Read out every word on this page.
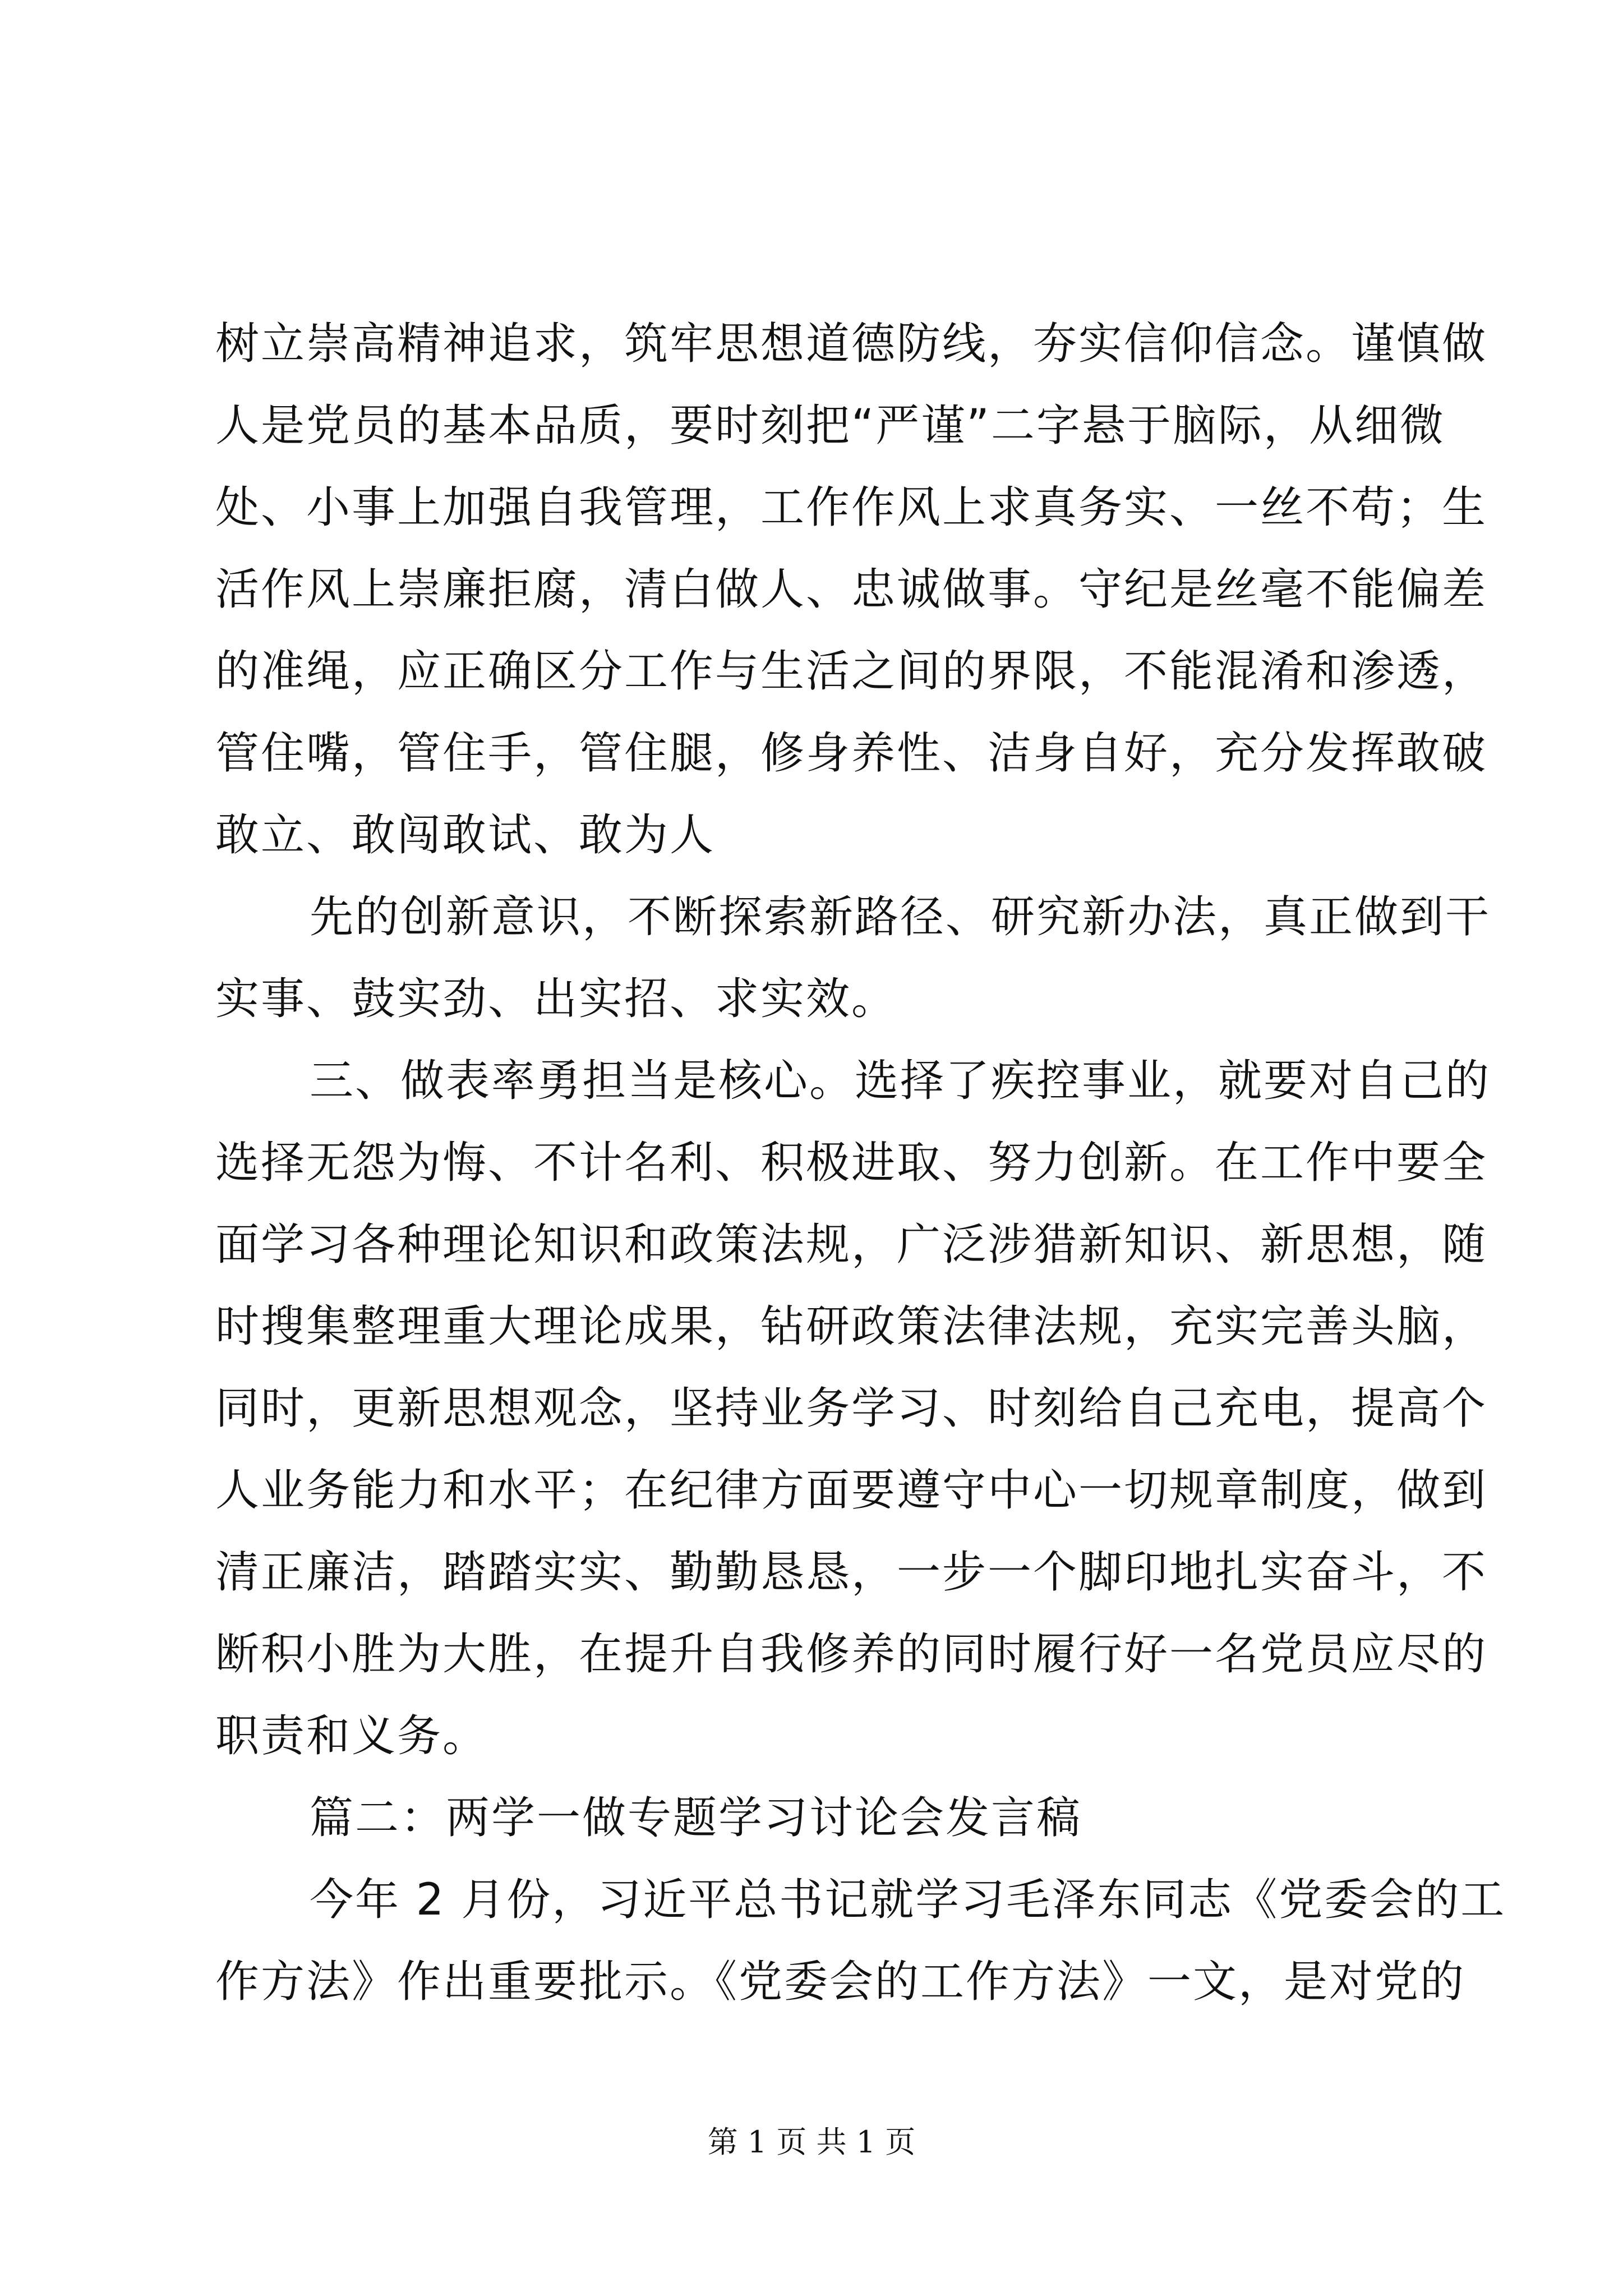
树立崇高精神追求，筑牢思想道德防线，夯实信仰信念。谨慎做
人是党员的基本品质，要时刻把“严谨”二字悬于脑际，从细微
处、小事上加强自我管理，工作作风上求真务实、一丝不苟；生
活作风上崇廉拒腐，清白做人、忠诚做事。守纪是丝毫不能偏差
的准绳，应正确区分工作与生活之间的界限，不能混淆和渗透，
管住嘴，管住手，管住腿，修身养性、洁身自好，充分发挥敢破
敢立、敢闯敢试、敢为人
先的创新意识，不断探索新路径、研究新办法，真正做到干
实事、鼓实劲、出实招、求实效。
三、做表率勇担当是核心。选择了疾控事业，就要对自己的
选择无怨为悔、不计名利、积极进取、努力创新。在工作中要全
面学习各种理论知识和政策法规，广泛涉猎新知识、新思想，随
时搜集整理重大理论成果，钻研政策法律法规，充实完善头脑，
同时，更新思想观念，坚持业务学习、时刻给自己充电，提高个
人业务能力和水平；在纪律方面要遵守中心一切规章制度，做到
清正廉洁，踏踏实实、勤勤恳恳，一步一个脚印地扎实奋斗，不
断积小胜为大胜，在提升自我修养的同时履行好一名党员应尽的
职责和义务。
篇二：两学一做专题学习讨论会发言稿
今年 2 月份，习近平总书记就学习毛泽东同志《党委会的工
作方法》作出重要批示。《党委会的工作方法》一文，是对党的
第 1 页 共 1 页
